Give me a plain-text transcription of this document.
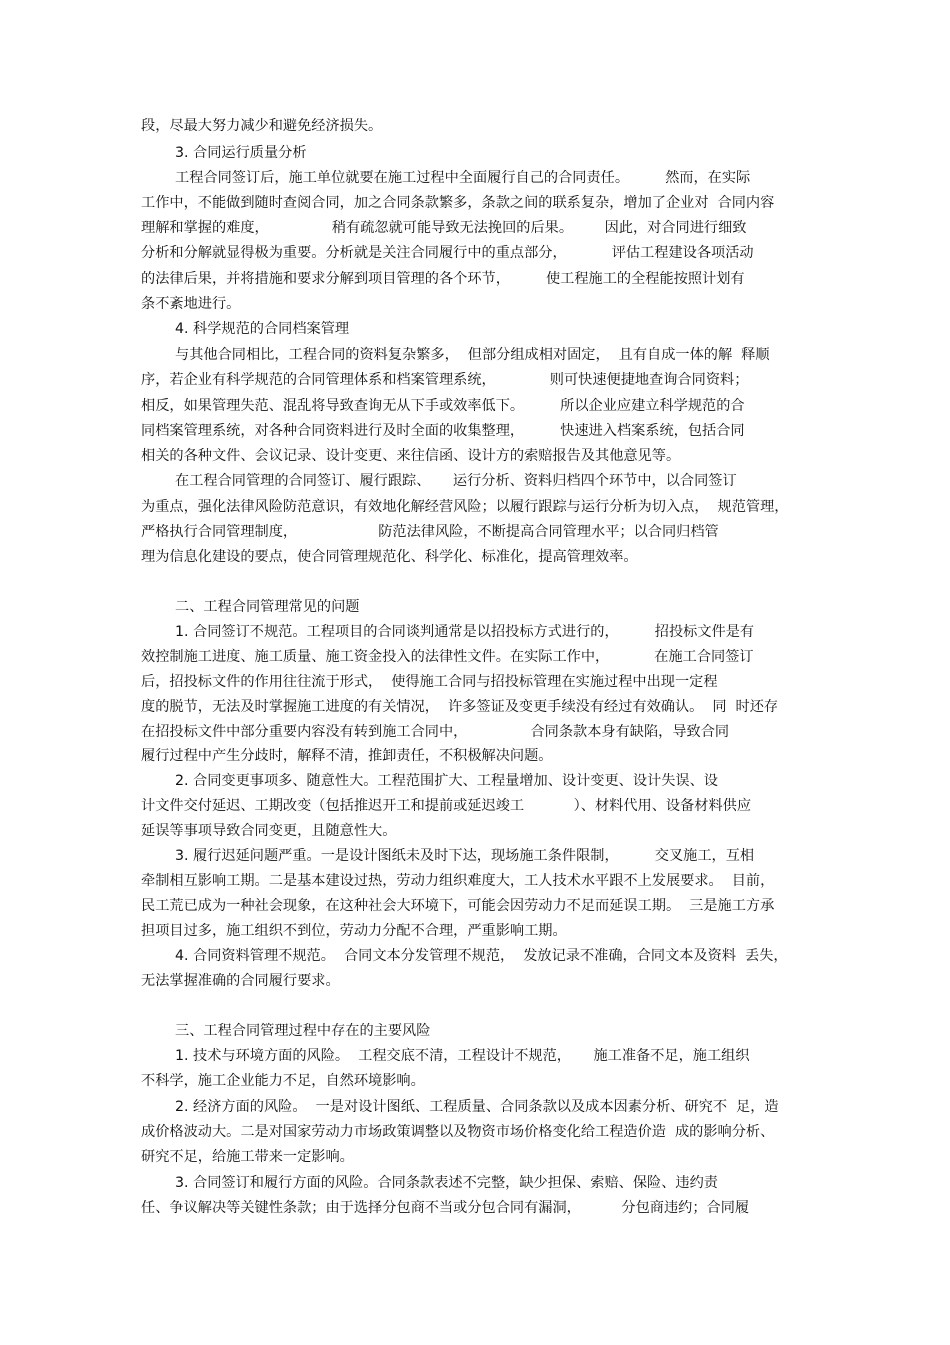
段，尽最大努力减少和避免经济损失。
3. 合同运行质量分析
工程合同签订后，施工单位就要在施工过程中全面履行自己的合同责任。        然而，在实际
工作中，不能做到随时查阅合同，加之合同条款繁多，条款之间的联系复杂，增加了企业对  合同内容
理解和掌握的难度，              稍有疏忽就可能导致无法挽回的后果。       因此，对合同进行细致
分析和分解就显得极为重要。分析就是关注合同履行中的重点部分，          评估工程建设各项活动
的法律后果，并将措施和要求分解到项目管理的各个环节，        使工程施工的全程能按照计划有
条不紊地进行。
4. 科学规范的合同档案管理
与其他合同相比，工程合同的资料复杂繁多，  但部分组成相对固定，  且有自成一体的解  释顺
序，若企业有科学规范的合同管理体系和档案管理系统，            则可快速便捷地查询合同资料；
相反，如果管理失范、混乱将导致查询无从下手或效率低下。        所以企业应建立科学规范的合
同档案管理系统，对各种合同资料进行及时全面的收集整理，        快速进入档案系统，包括合同
相关的各种文件、会议记录、设计变更、来往信函、设计方的索赔报告及其他意见等。
在工程合同管理的合同签订、履行跟踪、     运行分析、资料归档四个环节中，以合同签订
为重点，强化法律风险防范意识，有效地化解经营风险；以履行跟踪与运行分析为切入点，  规范管理，
严格执行合同管理制度，                  防范法律风险，不断提高合同管理水平；以合同归档管
理为信息化建设的要点，使合同管理规范化、科学化、标准化，提高管理效率。
二、工程合同管理常见的问题
1. 合同签订不规范。工程项目的合同谈判通常是以招投标方式进行的，        招投标文件是有
效控制施工进度、施工质量、施工资金投入的法律性文件。在实际工作中，          在施工合同签订
后，招投标文件的作用往往流于形式，  使得施工合同与招投标管理在实施过程中出现一定程
度的脱节，无法及时掌握施工进度的有关情况，  许多签证及变更手续没有经过有效确认。  同  时还存
在招投标文件中部分重要内容没有转到施工合同中，              合同条款本身有缺陷，导致合同
履行过程中产生分歧时，解释不清，推卸责任，不积极解决问题。
2. 合同变更事项多、随意性大。工程范围扩大、工程量增加、设计变更、设计失误、设
计文件交付延迟、工期改变（包括推迟开工和提前或延迟竣工           ）、材料代用、设备材料供应
延误等事项导致合同变更，且随意性大。
3. 履行迟延问题严重。一是设计图纸未及时下达，现场施工条件限制，        交叉施工，互相
牵制相互影响工期。二是基本建设过热，劳动力组织难度大，工人技术水平跟不上发展要求。  目前，
民工荒已成为一种社会现象，在这种社会大环境下，可能会因劳动力不足而延误工期。  三是施工方承
担项目过多，施工组织不到位，劳动力分配不合理，严重影响工期。
4. 合同资料管理不规范。  合同文本分发管理不规范，  发放记录不准确，合同文本及资料  丢失，
无法掌握准确的合同履行要求。
三、工程合同管理过程中存在的主要风险
1. 技术与环境方面的风险。  工程交底不清，工程设计不规范，     施工准备不足，施工组织
不科学，施工企业能力不足，自然环境影响。
2. 经济方面的风险。  一是对设计图纸、工程质量、合同条款以及成本因素分析、研究不  足，造
成价格波动大。二是对国家劳动力市场政策调整以及物资市场价格变化给工程造价造  成的影响分析、
研究不足，给施工带来一定影响。
3. 合同签订和履行方面的风险。合同条款表述不完整，缺少担保、索赔、保险、违约责
任、争议解决等关键性条款；由于选择分包商不当或分包合同有漏洞，         分包商违约；合同履
